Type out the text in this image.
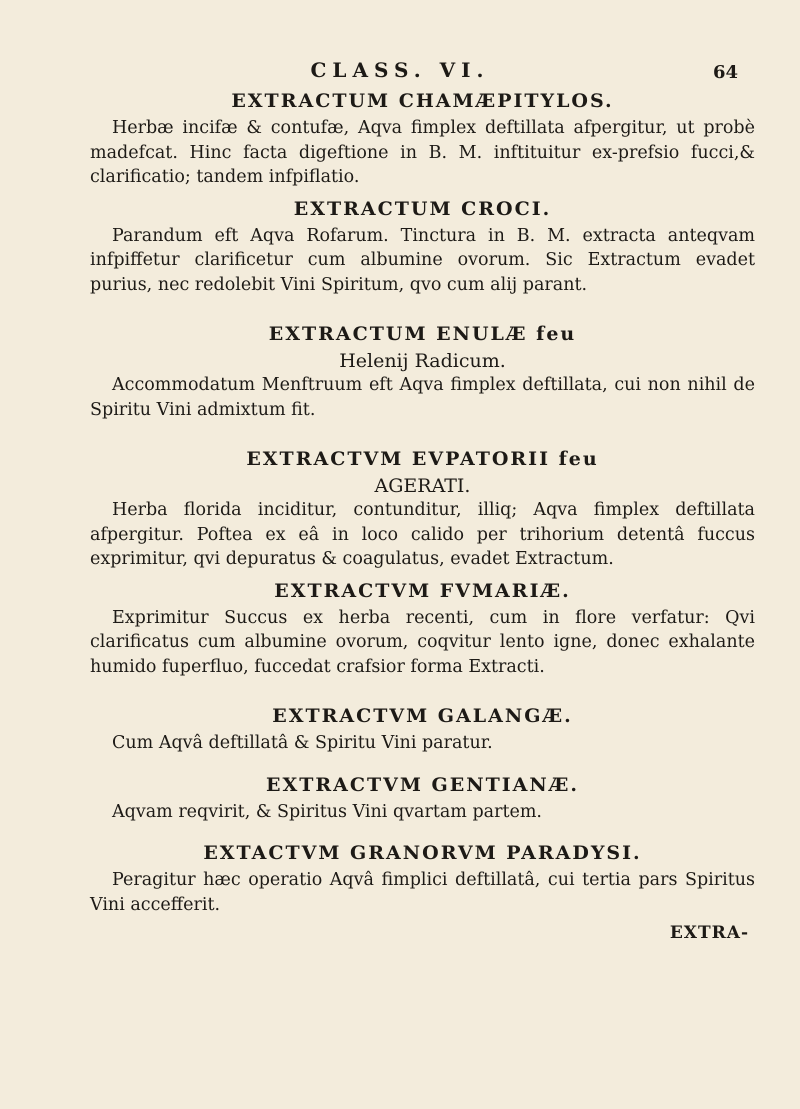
CLASS. VI.	64
EXTRACTUM CHAMÆPITYLOS.

Herbæ incifæ & contufæ, Aqva fimplex deftillata afpergitur, ut probè madefcat. Hinc facta digeftione in B. M. inftituitur ex-prefsio fucci,& clarificatio; tandem infpiflatio.

EXTRACTUM CROCI.

Parandum eft Aqva Rofarum. Tinctura in B. M. extracta anteqvam infpiffetur clarificetur cum albumine ovorum. Sic Extractum evadet purius, nec redolebit Vini Spiritum, qvo cum alij parant.

EXTRACTUM ENULÆ feu
Helenij Radicum.

Accommodatum Menftruum eft Aqva fimplex deftillata, cui non nihil de Spiritu Vini admixtum fit.

EXTRACTVM EVPATORII feu
AGERATI.

Herba florida inciditur, contunditur, illiq; Aqva fimplex deftillata afpergitur. Poftea ex eâ in loco calido per trihorium detentâ fuccus exprimitur, qvi depuratus & coagulatus, evadet Extractum.

EXTRACTVM FVMARIÆ.

Exprimitur Succus ex herba recenti, cum in flore verfatur: Qvi clarificatus cum albumine ovorum, coqvitur lento igne, donec exhalante humido fuperfluo, fuccedat crafsior forma Extracti.

EXTRACTVM GALANGÆ.

Cum Aqvâ deftillatâ & Spiritu Vini paratur.

EXTRACTVM GENTIANÆ.

Aqvam reqvirit, & Spiritus Vini qvartam partem.

EXTACTVM GRANORVM PARADYSI.

Peragitur hæc operatio Aqvâ fimplici deftillatâ, cui tertia pars Spiritus Vini accefferit.

EXTRA-
